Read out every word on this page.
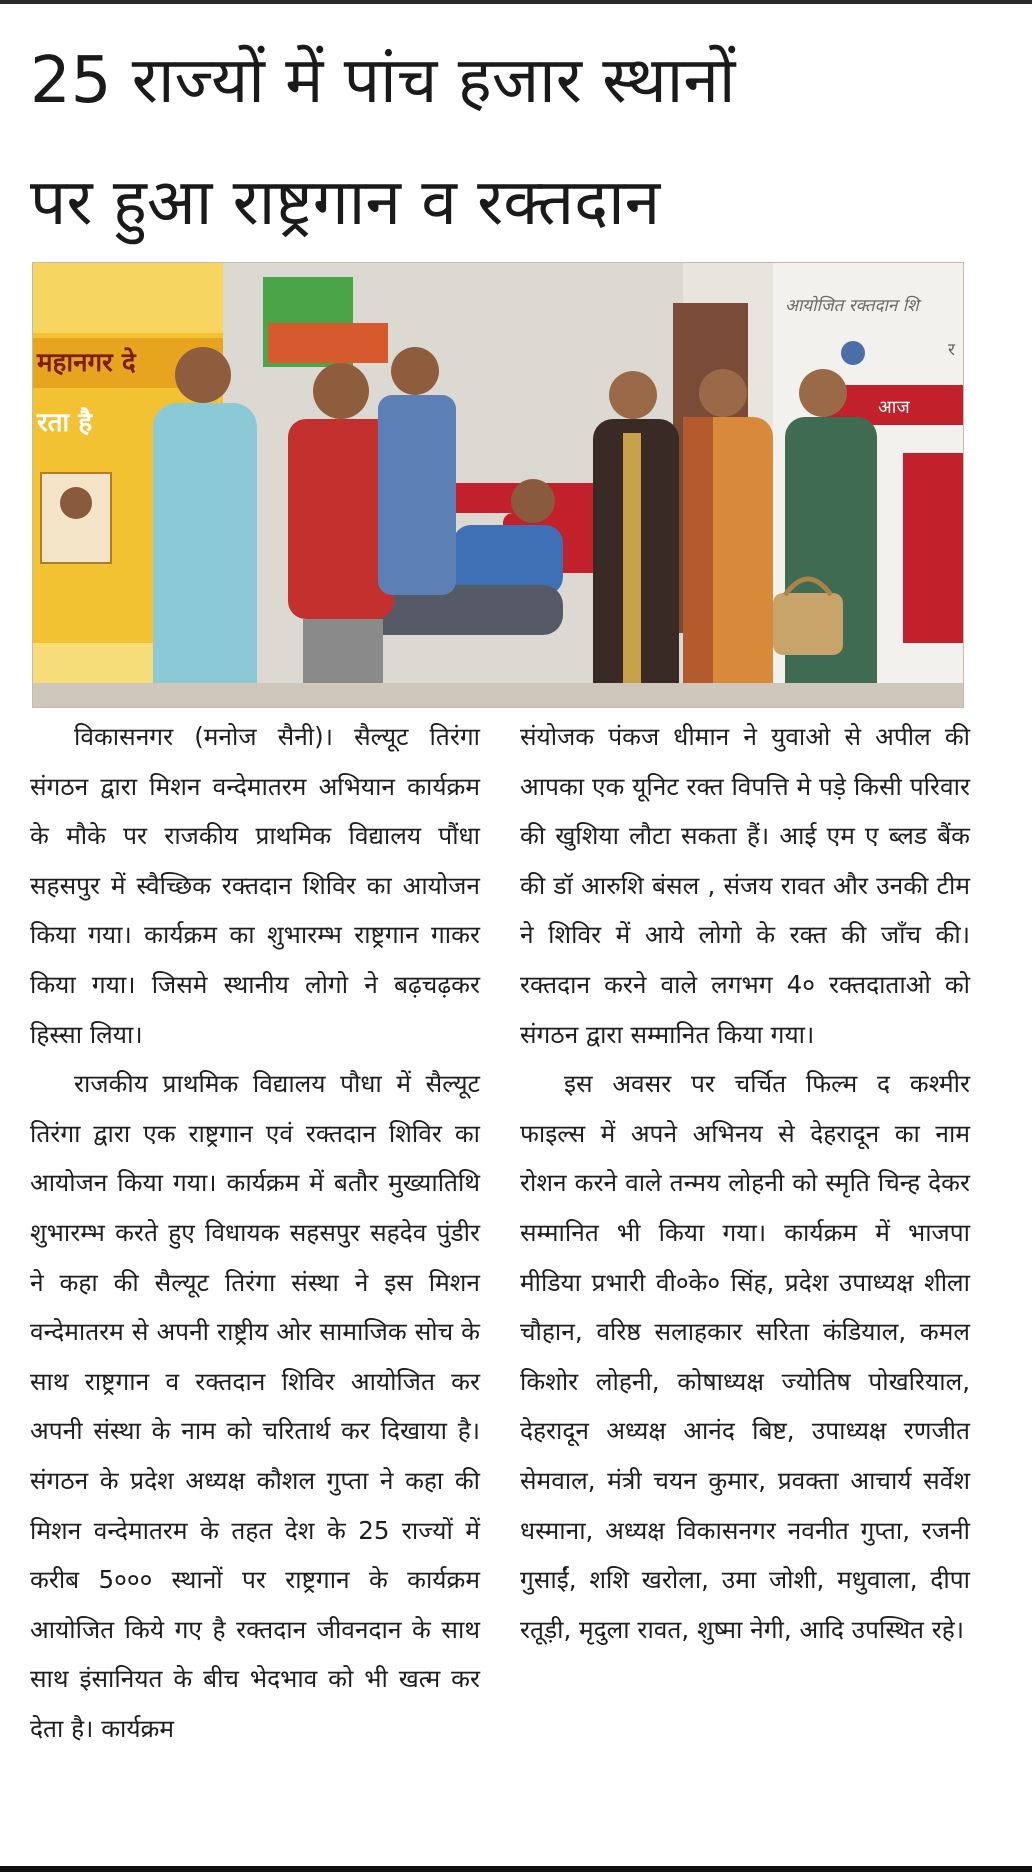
25 राज्यों में पांच हजार स्थानों
पर हुआ राष्ट्रगान व रक्तदान
महानगर दे
रता है
आयोजित रक्तदान शि
र
आज

विकासनगर (मनोज सैनी)। सैल्यूट तिरंगा संगठन द्वारा मिशन वन्देमातरम अभियान कार्यक्रम के मौके पर राजकीय प्राथमिक विद्यालय पौंधा सहसपुर में स्वैच्छिक रक्तदान शिविर का आयोजन किया गया। कार्यक्रम का शुभारम्भ राष्ट्रगान गाकर किया गया। जिसमे स्थानीय लोगो ने बढ़चढ़कर हिस्सा लिया।

राजकीय प्राथमिक विद्यालय पौधा में सैल्यूट तिरंगा द्वारा एक राष्ट्रगान एवं रक्तदान शिविर का आयोजन किया गया। कार्यक्रम में बतौर मुख्यातिथि शुभारम्भ करते हुए विधायक सहसपुर सहदेव पुंडीर ने कहा की सैल्यूट तिरंगा संस्था ने इस मिशन वन्देमातरम से अपनी राष्ट्रीय ओर सामाजिक सोच के साथ राष्ट्रगान व रक्तदान शिविर आयोजित कर अपनी संस्था के नाम को चरितार्थ कर दिखाया है। संगठन के प्रदेश अध्यक्ष कौशल गुप्ता ने कहा की मिशन वन्देमातरम के तहत देश के 25 राज्यों में करीब 5००० स्थानों पर राष्ट्रगान के कार्यक्रम आयोजित किये गए है रक्तदान जीवनदान के साथ साथ इंसानियत के बीच भेदभाव को भी खत्म कर देता है। कार्यक्रम

संयोजक पंकज धीमान ने युवाओ से अपील की आपका एक यूनिट रक्त विपत्ति मे पड़े किसी परिवार की खुशिया लौटा सकता हैं। आई एम ए ब्लड बैंक की डॉ आरुशि बंसल , संजय रावत और उनकी टीम ने शिविर में आये लोगो के रक्त की जाँच की। रक्तदान करने वाले लगभग 4० रक्तदाताओ को संगठन द्वारा सम्मानित किया गया।

इस अवसर पर चर्चित फिल्म द कश्मीर फाइल्स में अपने अभिनय से देहरादून का नाम रोशन करने वाले तन्मय लोहनी को स्मृति चिन्ह देकर सम्मानित भी किया गया। कार्यक्रम में भाजपा मीडिया प्रभारी वी०के० सिंह, प्रदेश उपाध्यक्ष शीला चौहान, वरिष्ठ सलाहकार सरिता कंडियाल, कमल किशोर लोहनी, कोषाध्यक्ष ज्योतिष पोखरियाल, देहरादून अध्यक्ष आनंद बिष्ट, उपाध्यक्ष रणजीत सेमवाल, मंत्री चयन कुमार, प्रवक्ता आचार्य सर्वेश धस्माना, अध्यक्ष विकासनगर नवनीत गुप्ता, रजनी गुसाईं, शशि खरोला, उमा जोशी, मधुवाला, दीपा रतूड़ी, मृदुला रावत, शुष्मा नेगी, आदि उपस्थित रहे।
